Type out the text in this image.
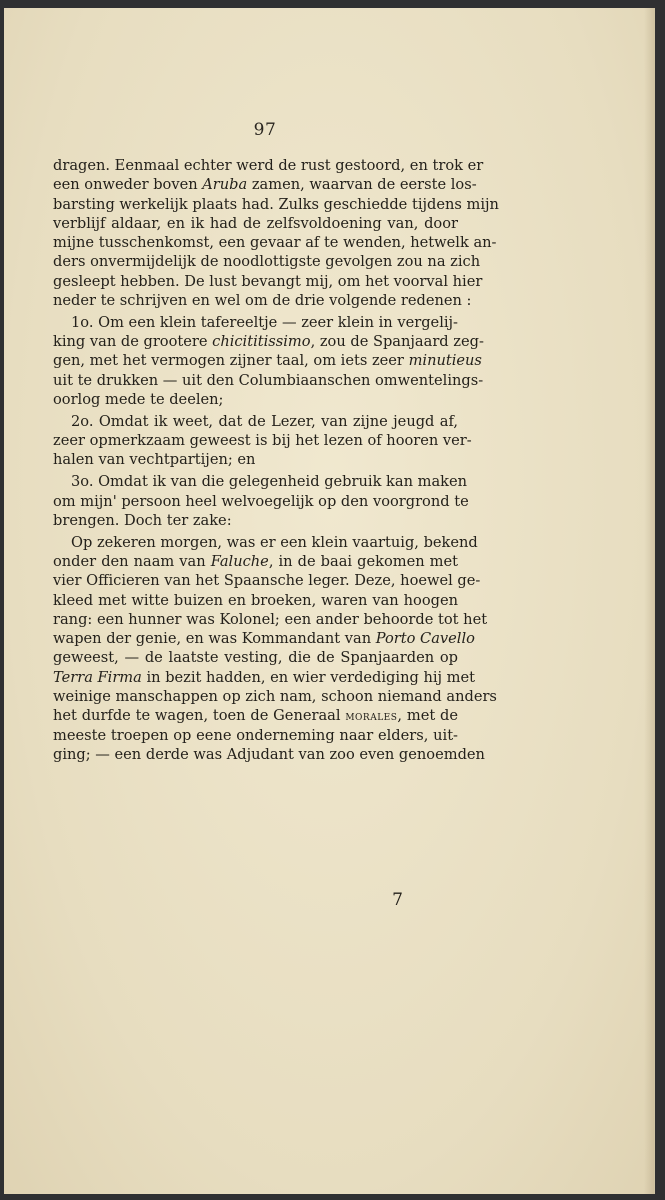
97
dragen. Eenmaal echter werd de rust gestoord, en trok er
een onweder boven Aruba zamen, waarvan de eerste los-
barsting werkelijk plaats had. Zulks geschiedde tijdens mijn
verblijf aldaar, en ik had de zelfsvoldoening van, door
mijne tusschenkomst, een gevaar af te wenden, hetwelk an-
ders onvermijdelijk de noodlottigste gevolgen zou na zich
gesleept hebben. De lust bevangt mij, om het voorval hier
neder te schrijven en wel om de drie volgende redenen :
1o. Om een klein tafereeltje — zeer klein in vergelij-
king van de grootere chicititissimo, zou de Spanjaard zeg-
gen, met het vermogen zijner taal, om iets zeer minutieus
uit te drukken — uit den Columbiaanschen omwentelings-
oorlog mede te deelen;
2o. Omdat ik weet, dat de Lezer, van zijne jeugd af,
zeer opmerkzaam geweest is bij het lezen of hooren ver-
halen van vechtpartijen; en
3o. Omdat ik van die gelegenheid gebruik kan maken
om mijn' persoon heel welvoegelijk op den voorgrond te
brengen. Doch ter zake:
Op zekeren morgen, was er een klein vaartuig, bekend
onder den naam van Faluche, in de baai gekomen met
vier Officieren van het Spaansche leger. Deze, hoewel ge-
kleed met witte buizen en broeken, waren van hoogen
rang: een hunner was Kolonel; een ander behoorde tot het
wapen der genie, en was Kommandant van Porto Cavello
geweest, — de laatste vesting, die de Spanjaarden op
Terra Firma in bezit hadden, en wier verdediging hij met
weinige manschappen op zich nam, schoon niemand anders
het durfde te wagen, toen de Generaal morales, met de
meeste troepen op eene onderneming naar elders, uit-
ging; — een derde was Adjudant van zoo even genoemden
7
